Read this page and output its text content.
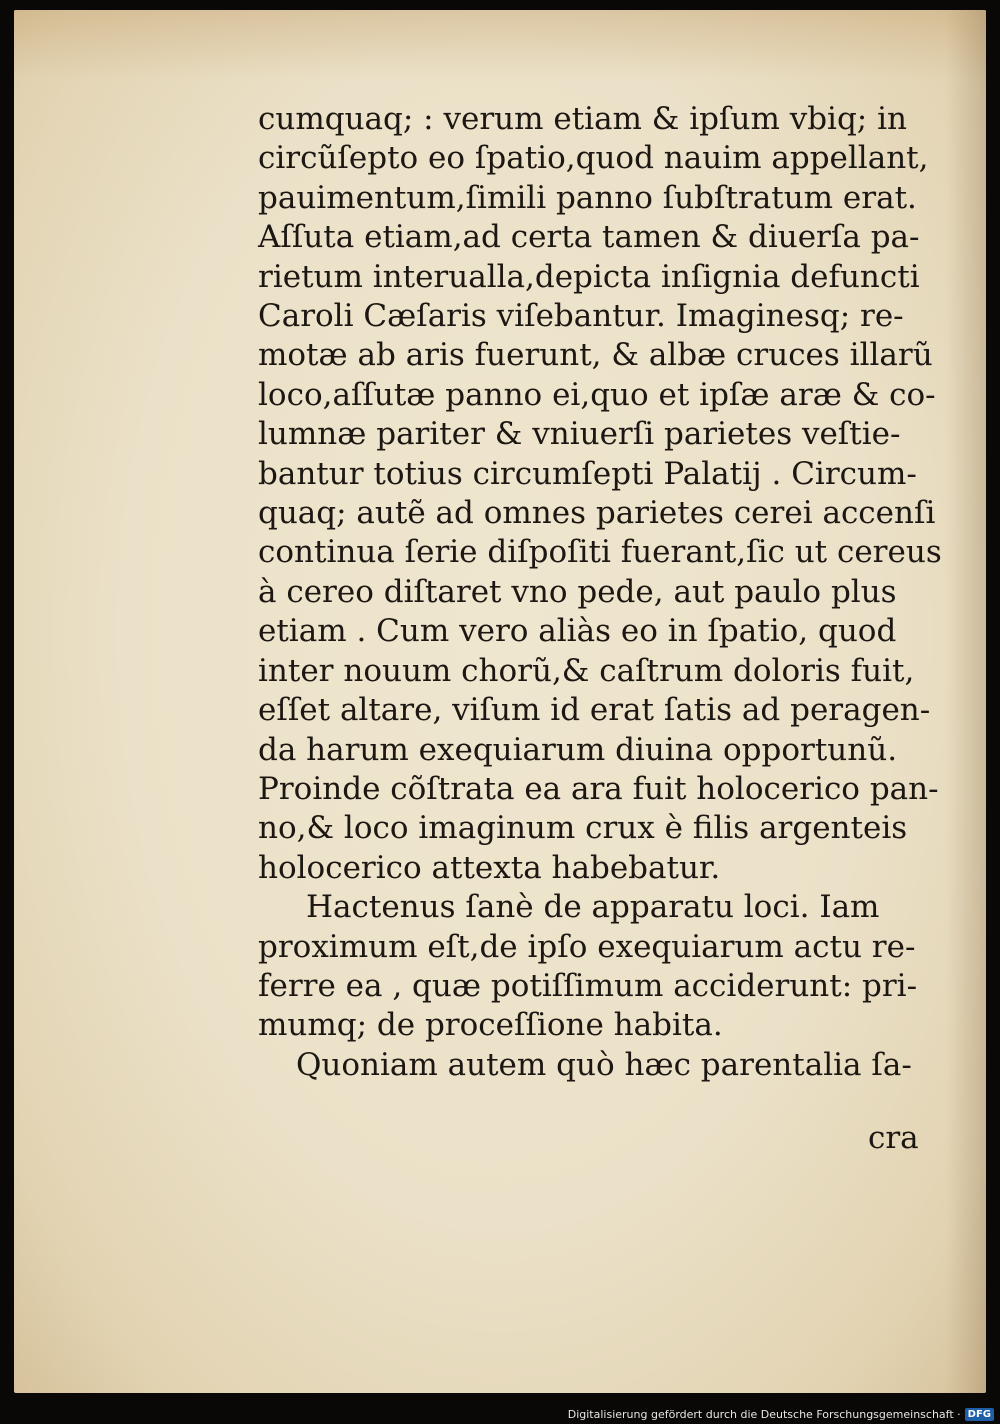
cumquaq; : verum etiam & ipſum vbiq; in
circũſepto eo ſpatio,quod nauim appellant,
pauimentum,ſimili panno ſubſtratum erat.
Aſſuta etiam,ad certa tamen & diuerſa pa-
rietum interualla,depicta inſignia defuncti
Caroli Cæſaris viſebantur. Imaginesq; re-
motæ ab aris fuerunt, & albæ cruces illarũ
loco,aſſutæ panno ei,quo et ipſæ aræ & co-
lumnæ pariter & vniuerſi parietes veſtie-
bantur totius circumſepti Palatij . Circum-
quaq; autẽ ad omnes parietes cerei accenſi
continua ſerie diſpoſiti fuerant,ſic ut cereus
à cereo diſtaret vno pede, aut paulo plus
etiam . Cum vero aliàs eo in ſpatio, quod
inter nouum chorũ,& caſtrum doloris fuit,
eſſet altare, viſum id erat ſatis ad peragen-
da harum exequiarum diuina opportunũ.
Proinde cõſtrata ea ara fuit holocerico pan-
no,& loco imaginum crux è filis argenteis
holocerico attexta habebatur.
Hactenus ſanè de apparatu loci. Iam
proximum eſt,de ipſo exequiarum actu re-
ferre ea , quæ potiſſimum acciderunt: pri-
mumq; de proceſſione habita.
Quoniam autem quò hæc parentalia ſa-
cra
Digitalisierung gefördert durch die Deutsche Forschungsgemeinschaft · DFG
